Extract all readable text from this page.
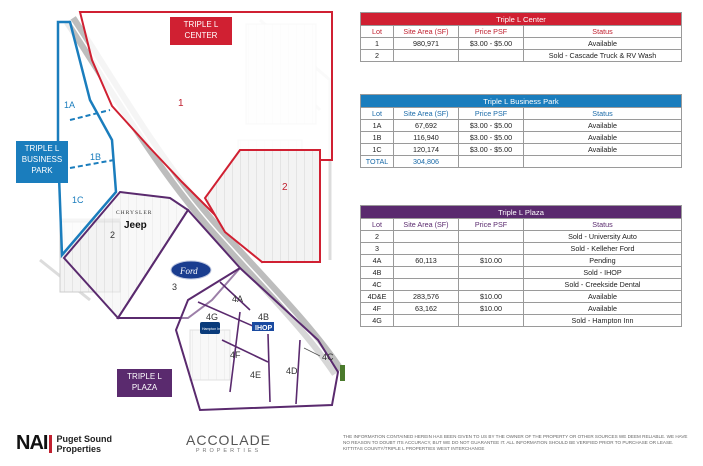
1
2
1A
1B
1C
2
3
4A
4B
4G
4F
4E	4D
4C
CHRYSLER
Jeep
Ford
IHOP
Hampton Inn
TRIPLE L
CENTER
TRIPLE L
BUSINESS
PARK
TRIPLE L
PLAZA
Triple L Center			
Lot	Site Area (SF)	Price PSF	Status
1	980,971	$3.00 - $5.00	Available
2			Sold - Cascade Truck & RV Wash
Triple L Business Park			
Lot	Site Area (SF)	Price PSF	Status
1A	67,692	$3.00 - $5.00	Available
1B	116,940	$3.00 - $5.00	Available
1C	120,174	$3.00 - $5.00	Available
TOTAL	304,806		
Triple L Plaza			
Lot	Site Area (SF)	Price PSF	Status
2			Sold - University Auto
3			Sold - Kelleher Ford
4A	60,113	$10.00	Pending
4B			Sold - IHOP
4C			Sold - Creekside Dental
4D&E	283,576	$10.00	Available
4F	63,162	$10.00	Available
4G			Sold - Hampton Inn
NAI Puget Sound
Properties
ACCOLADE
PROPERTIES
THE INFORMATION CONTAINED HEREIN HAS BEEN GIVEN TO US BY THE OWNER OF THE PROPERTY OR OTHER SOURCES WE DEEM RELIABLE. WE HAVE NO REASON TO DOUBT ITS ACCURACY, BUT WE DO NOT GUARANTEE IT. ALL INFORMATION SHOULD BE VERIFIED PRIOR TO PURCHASE OR LEASE. KITTITAS COUNTY/TRIPLE L PROPERTIES WEST INTERCHANGE
